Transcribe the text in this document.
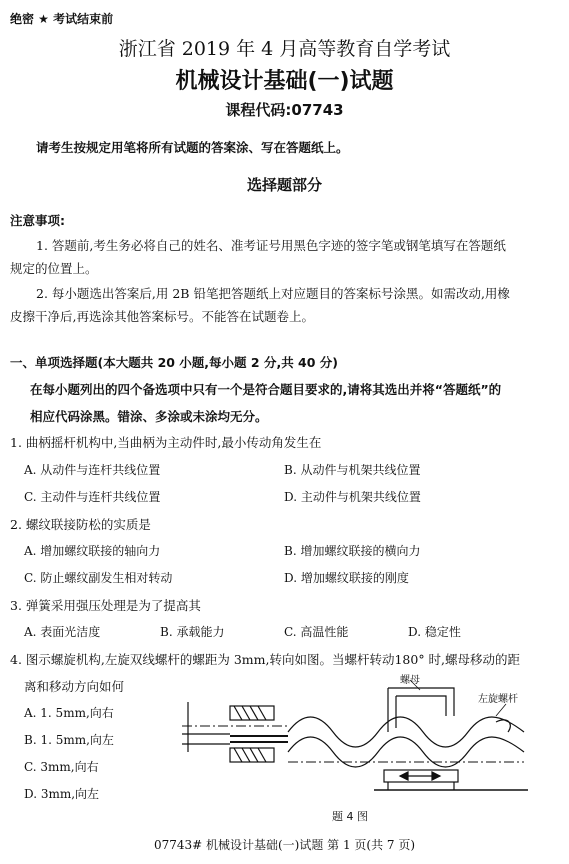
绝密 ★ 考试结束前
浙江省 2019 年 4 月高等教育自学考试
机械设计基础(一)试题
课程代码:07743
请考生按规定用笔将所有试题的答案涂、写在答题纸上。
选择题部分
注意事项:
1. 答题前,考生务必将自己的姓名、准考证号用黑色字迹的签字笔或钢笔填写在答题纸
规定的位置上。
2. 每小题选出答案后,用 2B 铅笔把答题纸上对应题目的答案标号涂黑。如需改动,用橡
皮擦干净后,再选涂其他答案标号。不能答在试题卷上。
一、单项选择题(本大题共 20 小题,每小题 2 分,共 40 分)
在每小题列出的四个备选项中只有一个是符合题目要求的,请将其选出并将“答题纸”的
相应代码涂黑。错涂、多涂或未涂均无分。
1. 曲柄摇杆机构中,当曲柄为主动件时,最小传动角发生在
A. 从动件与连杆共线位置	B. 从动件与机架共线位置
C. 主动件与连杆共线位置	D. 主动件与机架共线位置
2. 螺纹联接防松的实质是
A. 增加螺纹联接的轴向力	B. 增加螺纹联接的横向力
C. 防止螺纹副发生相对转动	D. 增加螺纹联接的刚度
3. 弹簧采用强压处理是为了提高其
A. 表面光洁度	B. 承载能力	C. 高温性能	D. 稳定性
4. 图示螺旋机构,左旋双线螺杆的螺距为 3mm,转向如图。当螺杆转动180° 时,螺母移动的距
离和移动方向如何
A. 1. 5mm,向右
B. 1. 5mm,向左
C. 3mm,向右
D. 3mm,向左
螺母
左旋螺杆
题 4 图
07743# 机械设计基础(一)试题 第 1 页(共 7 页)
